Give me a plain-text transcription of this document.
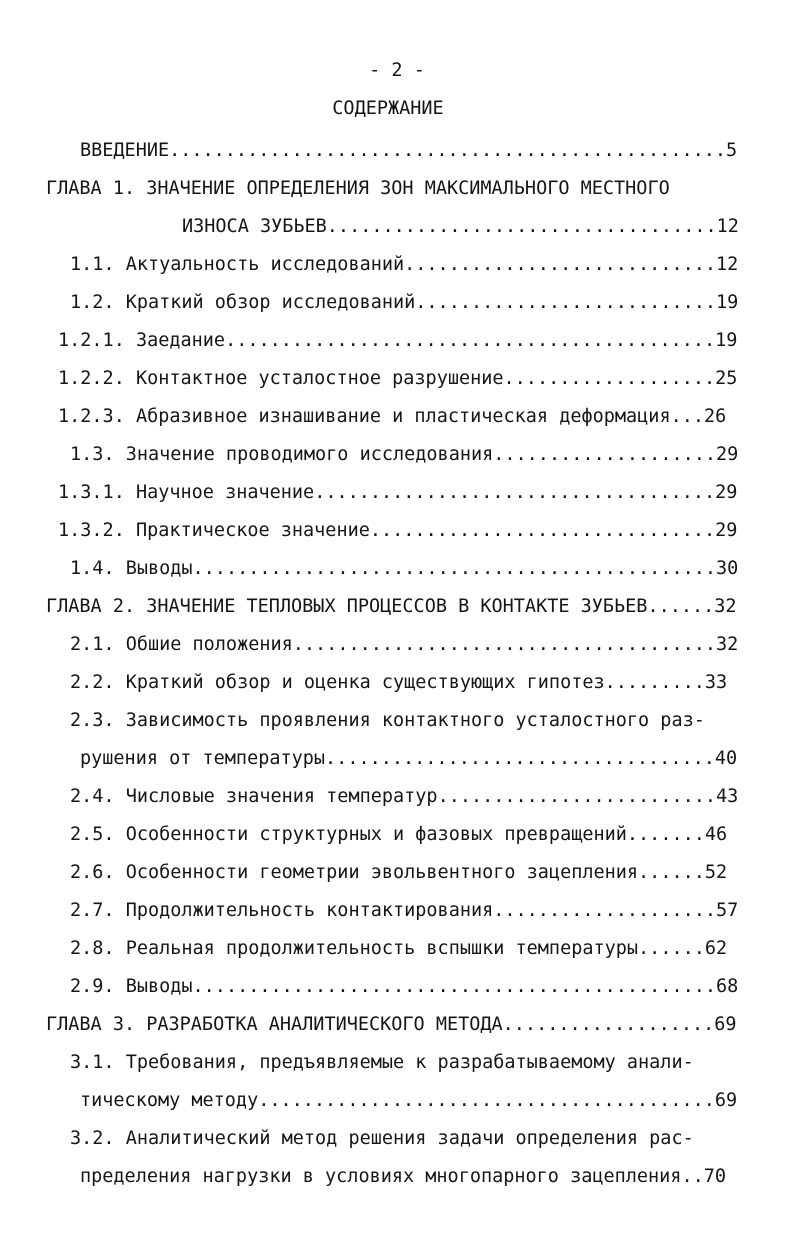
- 2 -
СОДЕРЖАНИЕ
ВВЕДЕНИЕ..................................................5
ГЛАВА 1. ЗНАЧЕНИЕ ОПРЕДЕЛЕНИЯ ЗОН МАКСИМАЛЬНОГО МЕСТНОГО
ИЗНОСА ЗУБЬЕВ...................................12
1.1. Актуальность исследований............................12
1.2. Краткий обзор исследований...........................19
1.2.1. Заедание............................................19
1.2.2. Контактное усталостное разрушение...................25
1.2.3. Абразивное изнашивание и пластическая деформация...26
1.3. Значение проводимого исследования....................29
1.3.1. Научное значение....................................29
1.3.2. Практическое значение...............................29
1.4. Выводы...............................................30
ГЛАВА 2. ЗНАЧЕНИЕ ТЕПЛОВЫХ ПРОЦЕССОВ В КОНТАКТЕ ЗУБЬЕВ......32
2.1. Обшие положения......................................32
2.2. Краткий обзор и оценка существующих гипотез.........33
2.3. Зависимость проявления контактного усталостного раз-
рушения от температуры...................................40
2.4. Числовые значения температур.........................43
2.5. Особенности структурных и фазовых превращений.......46
2.6. Особенности геометрии эвольвентного зацепления......52
2.7. Продолжительность контактирования....................57
2.8. Реальная продолжительность вспышки температуры......62
2.9. Выводы...............................................68
ГЛАВА 3. РАЗРАБОТКА АНАЛИТИЧЕСКОГО МЕТОДА...................69
3.1. Требования, предъявляемые к разрабатываемому анали-
тическому методу.........................................69
3.2. Аналитический метод решения задачи определения рас-
пределения нагрузки в условиях многопарного зацепления..70
